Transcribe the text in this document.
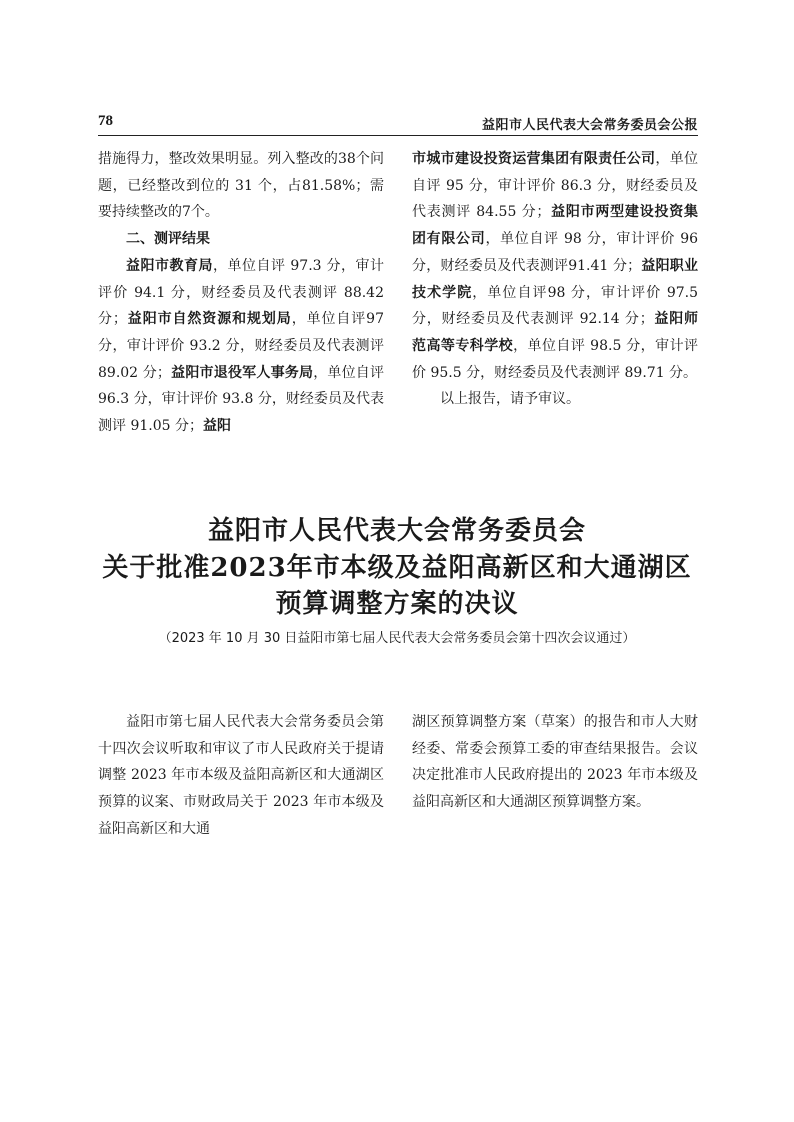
78	益阳市人民代表大会常务委员会公报

措施得力，整改效果明显。列入整改的38个问题，已经整改到位的 31 个，占81.58%；需要持续整改的7个。

二、测评结果

益阳市教育局，单位自评 97.3 分，审计评价 94.1 分，财经委员及代表测评 88.42 分；益阳市自然资源和规划局，单位自评97分，审计评价 93.2 分，财经委员及代表测评 89.02 分；益阳市退役军人事务局，单位自评 96.3 分，审计评价 93.8 分，财经委员及代表测评 91.05 分；益阳

市城市建设投资运营集团有限责任公司，单位自评 95 分，审计评价 86.3 分，财经委员及代表测评 84.55 分；益阳市两型建设投资集团有限公司，单位自评 98 分，审计评价 96 分，财经委员及代表测评91.41 分；益阳职业技术学院，单位自评98 分，审计评价 97.5 分，财经委员及代表测评 92.14 分；益阳师范高等专科学校，单位自评 98.5 分，审计评价 95.5 分，财经委员及代表测评 89.71 分。

以上报告，请予审议。

益阳市人民代表大会常务委员会
关于批准2023年市本级及益阳高新区和大通湖区
预算调整方案的决议
（2023 年 10 月 30 日益阳市第七届人民代表大会常务委员会第十四次会议通过）

益阳市第七届人民代表大会常务委员会第十四次会议听取和审议了市人民政府关于提请调整 2023 年市本级及益阳高新区和大通湖区预算的议案、市财政局关于 2023 年市本级及益阳高新区和大通

湖区预算调整方案（草案）的报告和市人大财经委、常委会预算工委的审查结果报告。会议决定批准市人民政府提出的 2023 年市本级及益阳高新区和大通湖区预算调整方案。
